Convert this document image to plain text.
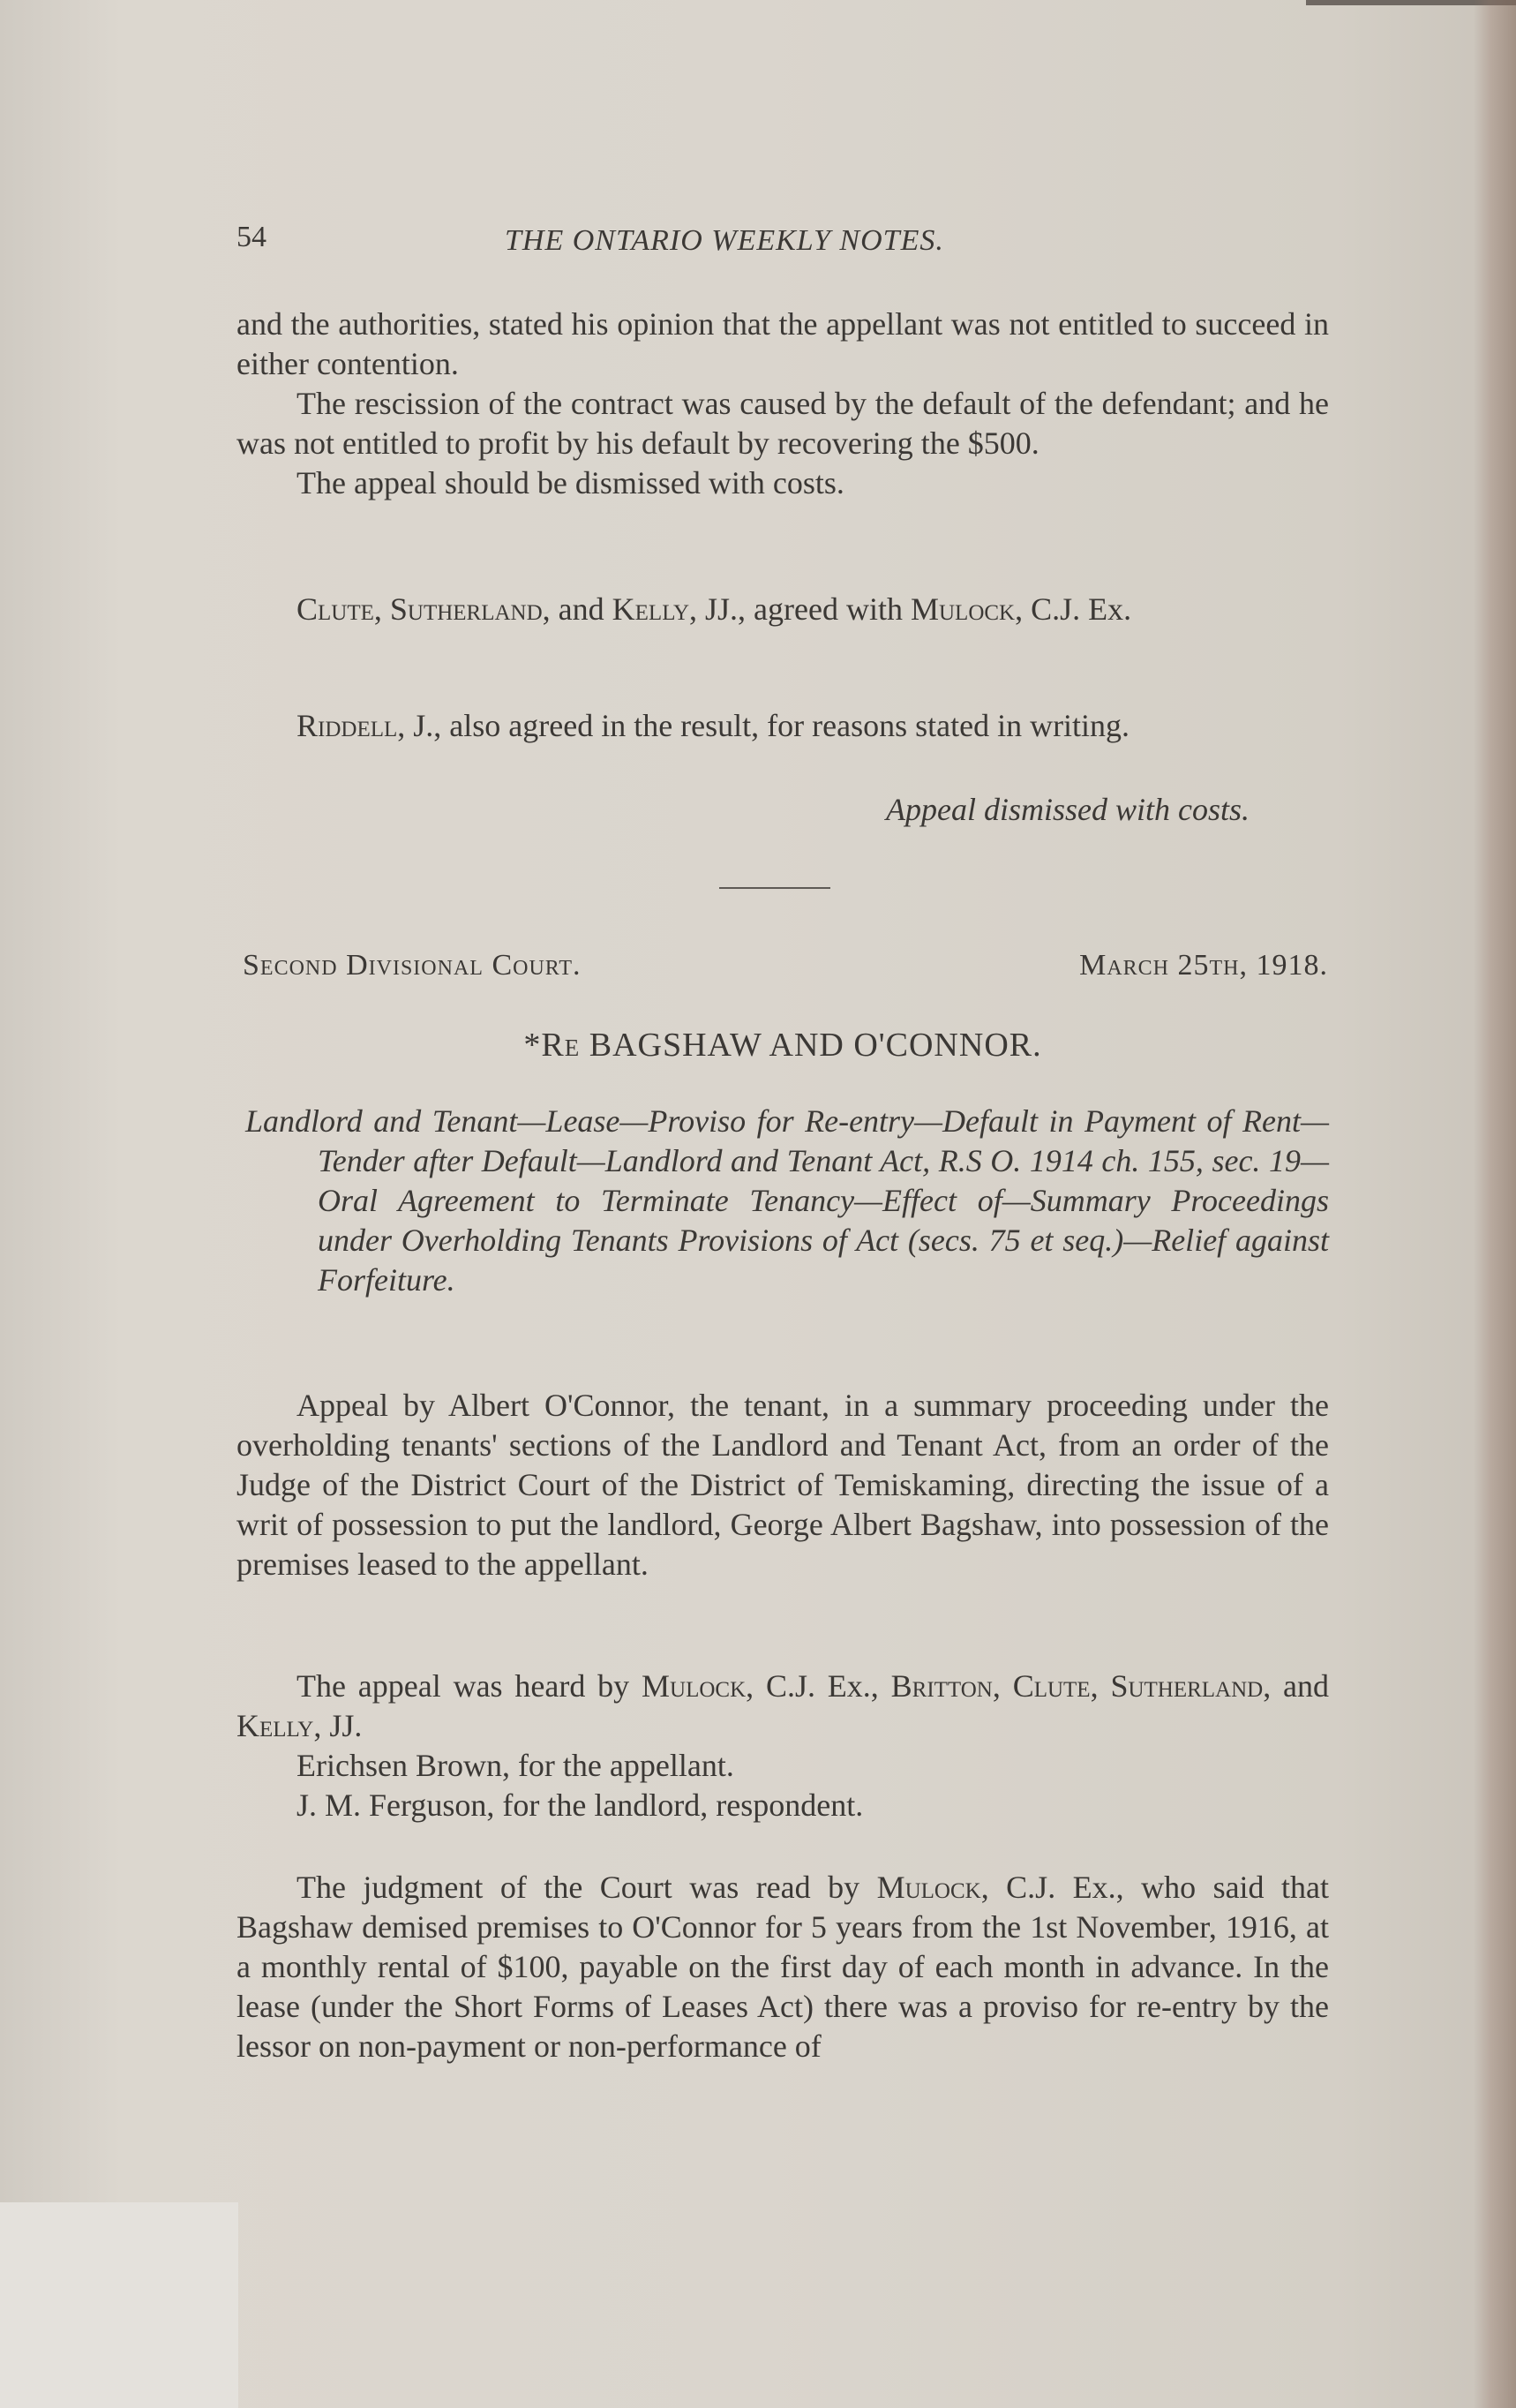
54	THE ONTARIO WEEKLY NOTES.

and the authorities, stated his opinion that the appellant was not entitled to succeed in either contention.

The rescission of the contract was caused by the default of the defendant; and he was not entitled to profit by his default by recovering the $500.

The appeal should be dismissed with costs.

Clute, Sutherland, and Kelly, JJ., agreed with Mulock, C.J. Ex.

Riddell, J., also agreed in the result, for reasons stated in writing.

Appeal dismissed with costs.
Second Divisional Court.	March 25th, 1918.
*Re BAGSHAW AND O'CONNOR.
Landlord and Tenant—Lease—Proviso for Re-entry—Default in Payment of Rent—Tender after Default—Landlord and Tenant Act, R.S O. 1914 ch. 155, sec. 19—Oral Agreement to Terminate Tenancy—Effect of—Summary Proceedings under Overholding Tenants Provisions of Act (secs. 75 et seq.)—Relief against Forfeiture.

Appeal by Albert O'Connor, the tenant, in a summary proceeding under the overholding tenants' sections of the Landlord and Tenant Act, from an order of the Judge of the District Court of the District of Temiskaming, directing the issue of a writ of possession to put the landlord, George Albert Bagshaw, into possession of the premises leased to the appellant.

The appeal was heard by Mulock, C.J. Ex., Britton, Clute, Sutherland, and Kelly, JJ.

Erichsen Brown, for the appellant.

J. M. Ferguson, for the landlord, respondent.

The judgment of the Court was read by Mulock, C.J. Ex., who said that Bagshaw demised premises to O'Connor for 5 years from the 1st November, 1916, at a monthly rental of $100, payable on the first day of each month in advance. In the lease (under the Short Forms of Leases Act) there was a proviso for re-entry by the lessor on non-payment or non-performance of
